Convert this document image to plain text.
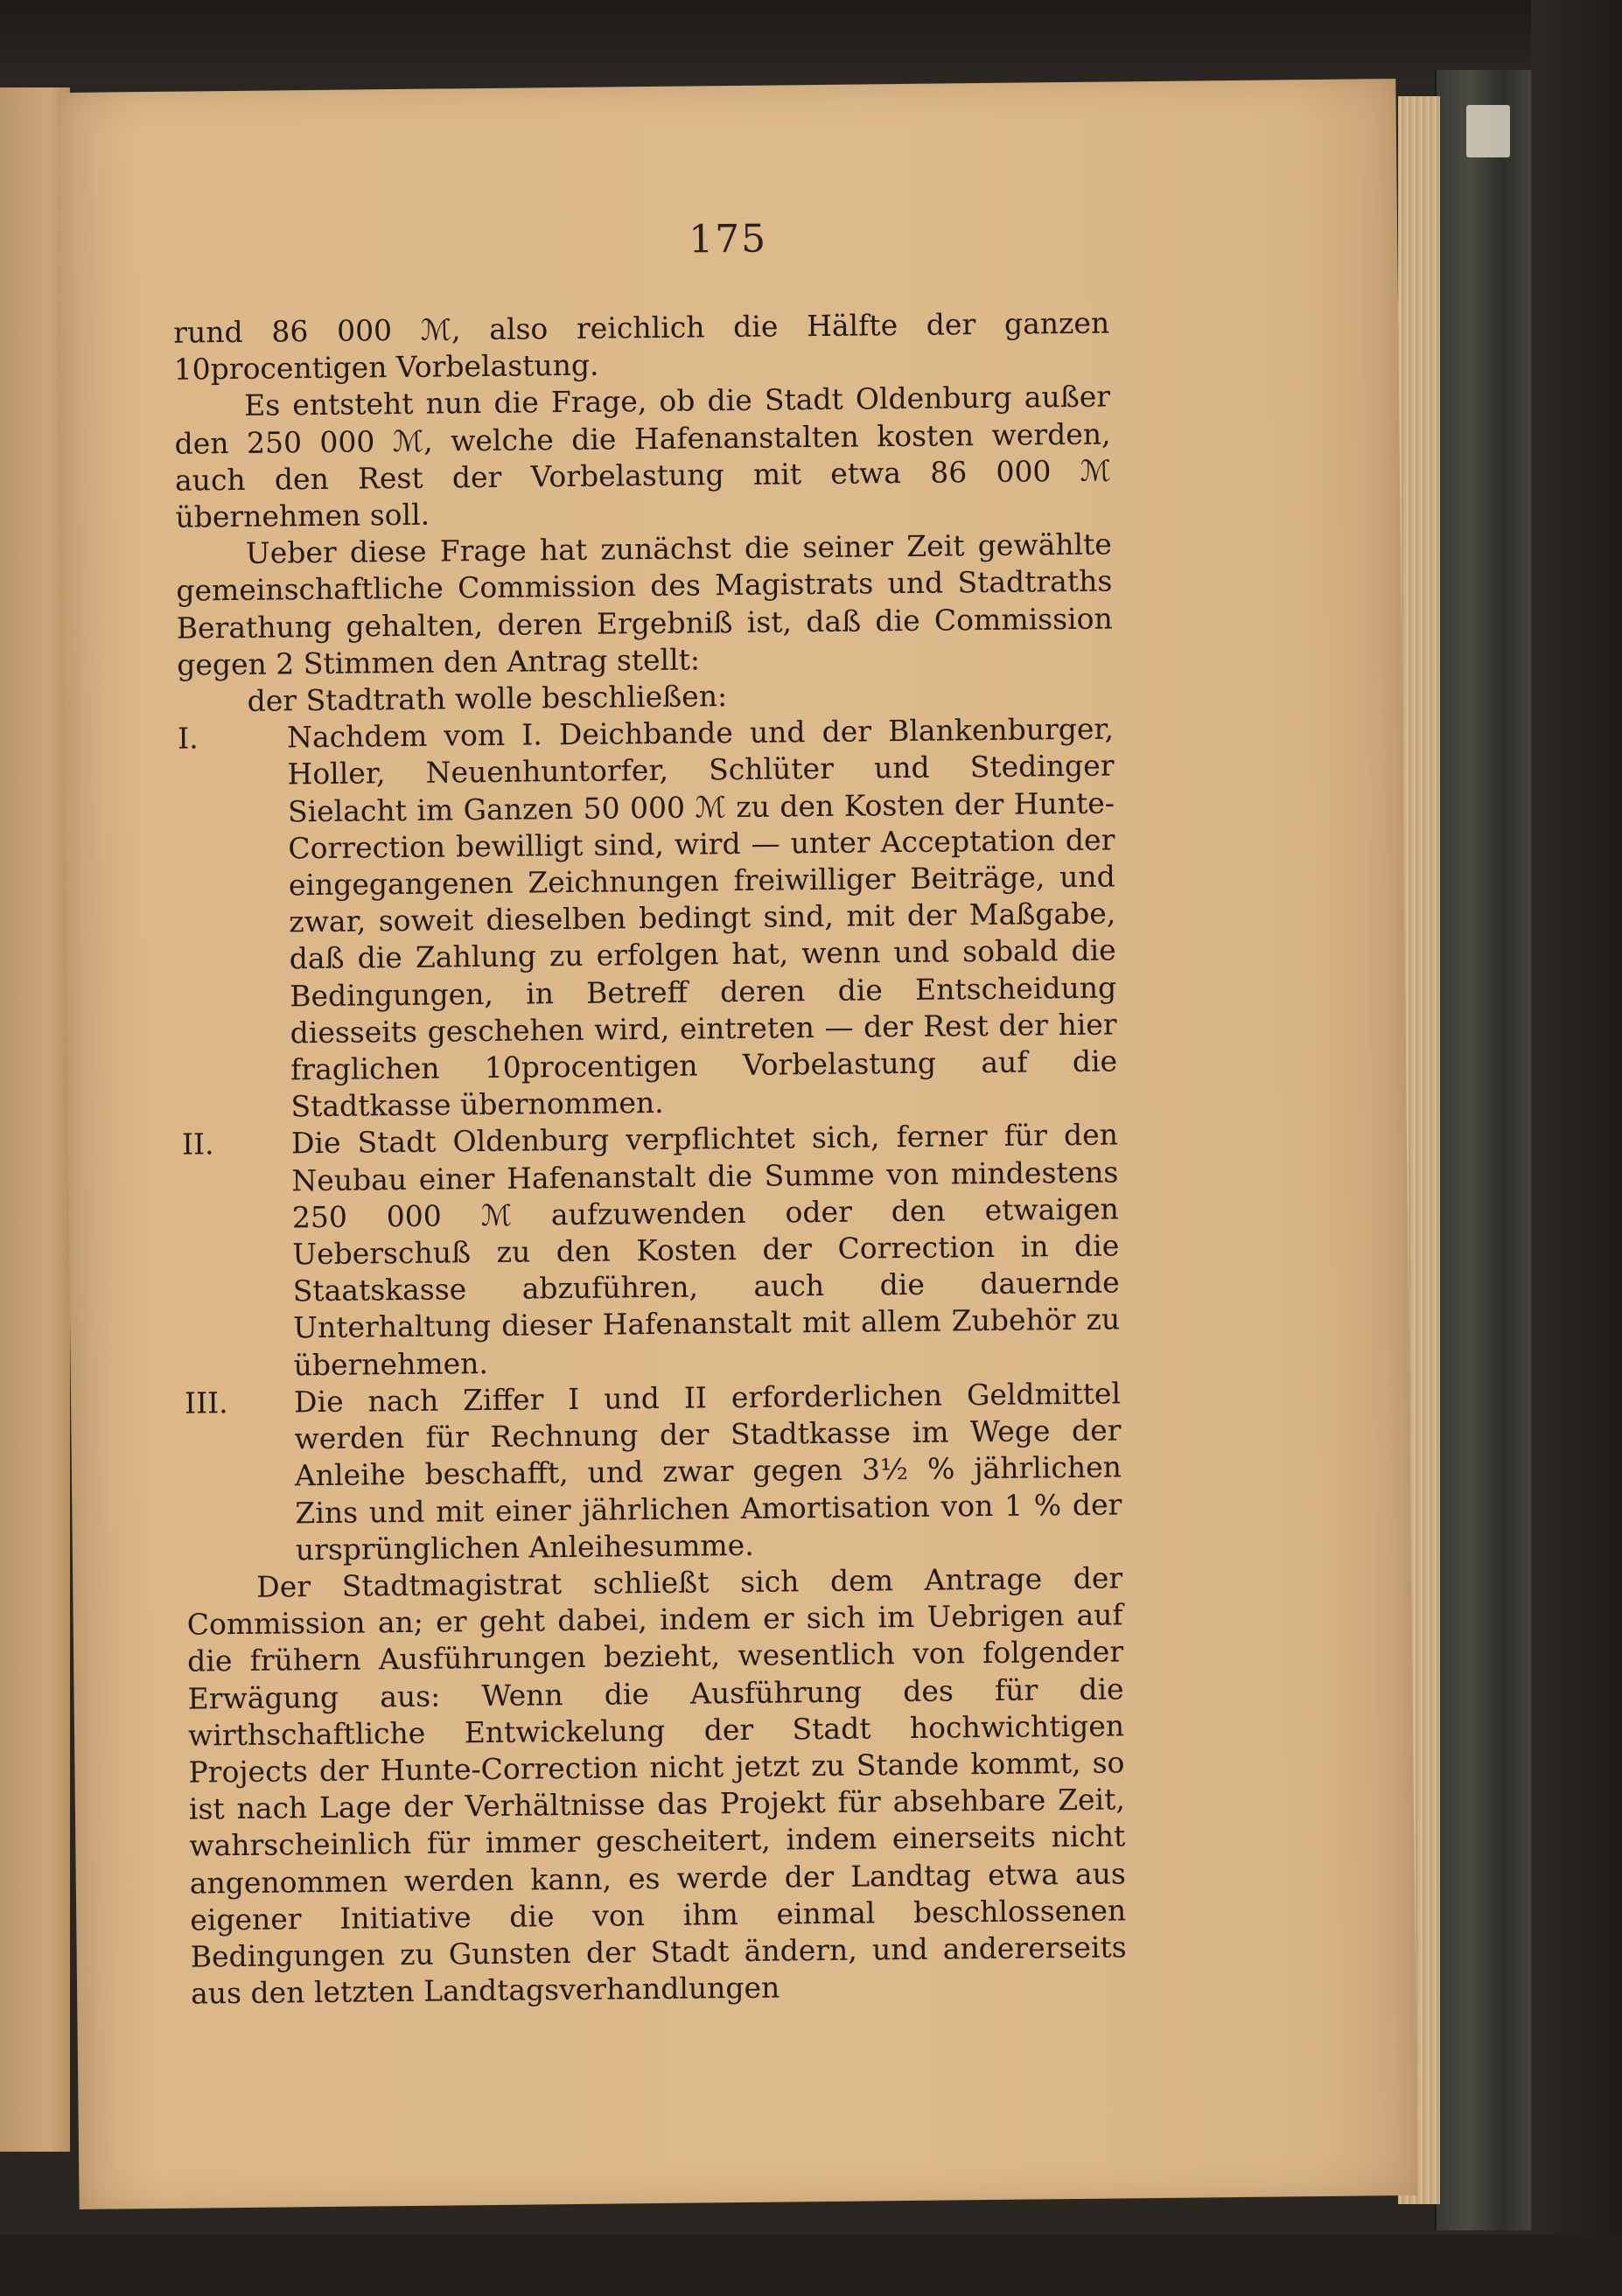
175

rund 86 000 ℳ, also reichlich die Hälfte der ganzen 10procentigen Vorbelastung.

Es entsteht nun die Frage, ob die Stadt Oldenburg außer den 250 000 ℳ, welche die Hafenanstalten kosten werden, auch den Rest der Vorbelastung mit etwa 86 000 ℳ übernehmen soll.

Ueber diese Frage hat zunächst die seiner Zeit gewählte gemeinschaftliche Commission des Magistrats und Stadtraths Berathung gehalten, deren Ergebniß ist, daß die Commission gegen 2 Stimmen den Antrag stellt:

der Stadtrath wolle beschließen:

I.	Nachdem vom I. Deichbande und der Blankenburger, Holler, Neuenhuntorfer, Schlüter und Stedinger Sielacht im Ganzen 50 000 ℳ zu den Kosten der Hunte-Correction bewilligt sind, wird — unter Acceptation der eingegangenen Zeichnungen freiwilliger Beiträge, und zwar, soweit dieselben bedingt sind, mit der Maßgabe, daß die Zahlung zu erfolgen hat, wenn und sobald die Bedingungen, in Betreff deren die Entscheidung diesseits geschehen wird, eintreten — der Rest der hier fraglichen 10procentigen Vorbelastung auf die Stadtkasse übernommen.
II.	Die Stadt Oldenburg verpflichtet sich, ferner für den Neubau einer Hafenanstalt die Summe von mindestens 250 000 ℳ aufzuwenden oder den etwaigen Ueberschuß zu den Kosten der Correction in die Staatskasse abzuführen, auch die dauernde Unterhaltung dieser Hafenanstalt mit allem Zubehör zu übernehmen.
III.	Die nach Ziffer I und II erforderlichen Geldmittel werden für Rechnung der Stadtkasse im Wege der Anleihe beschafft, und zwar gegen 3½ % jährlichen Zins und mit einer jährlichen Amortisation von 1 % der ursprünglichen Anleihesumme.

Der Stadtmagistrat schließt sich dem Antrage der Commission an; er geht dabei, indem er sich im Uebrigen auf die frühern Ausführungen bezieht, wesentlich von folgender Erwägung aus: Wenn die Ausführung des für die wirthschaftliche Entwickelung der Stadt hochwichtigen Projects der Hunte-Correction nicht jetzt zu Stande kommt, so ist nach Lage der Verhältnisse das Projekt für absehbare Zeit, wahrscheinlich für immer gescheitert, indem einerseits nicht angenommen werden kann, es werde der Landtag etwa aus eigener Initiative die von ihm einmal beschlossenen Bedingungen zu Gunsten der Stadt ändern, und andererseits aus den letzten Landtagsverhandlungen
